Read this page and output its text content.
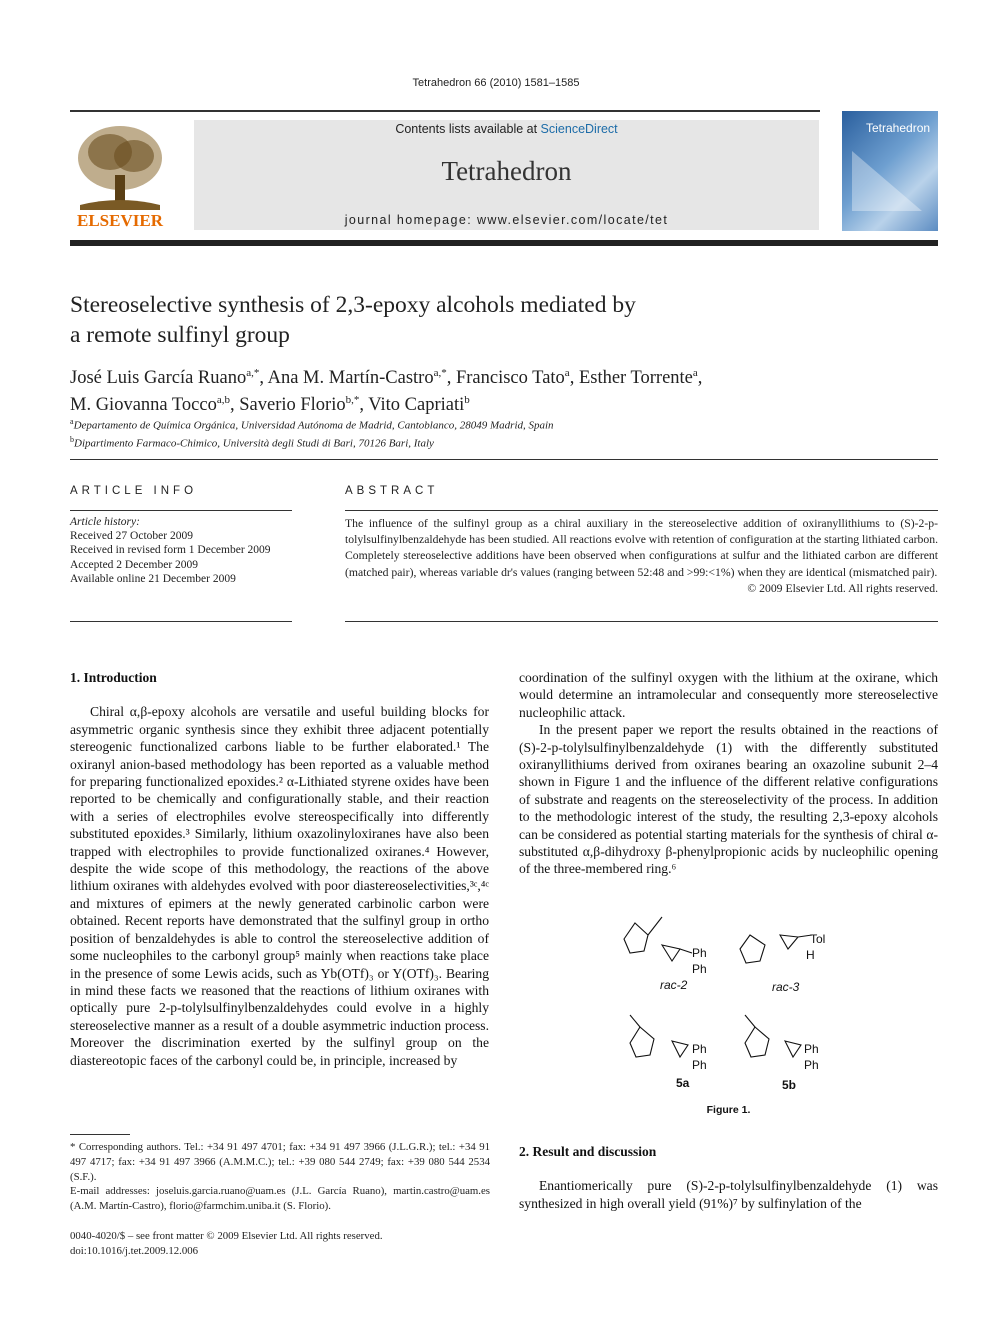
Tetrahedron 66 (2010) 1581–1585
ELSEVIER
Contents lists available at ScienceDirect
Tetrahedron
journal homepage: www.elsevier.com/locate/tet
Tetrahedron
Stereoselective synthesis of 2,3-epoxy alcohols mediated by
a remote sulfinyl group
José Luis García Ruano$^{a,*}$, Ana M. Martín-Castro$^{a,*}$, Francisco Tato$^a$, Esther Torrente$^a$,
M. Giovanna Tocco$^{a,b}$, Saverio Florio$^{b,*}$, Vito Capriati$^b$
$^a$Departamento de Química Orgánica, Universidad Autónoma de Madrid, Cantoblanco, 28049 Madrid, Spain
$^b$Dipartimento Farmaco-Chimico, Università degli Studi di Bari, 70126 Bari, Italy
ARTICLE INFO	ABSTRACT
Article history:
Received 27 October 2009
Received in revised form 1 December 2009
Accepted 2 December 2009
Available online 21 December 2009
The influence of the sulfinyl group as a chiral auxiliary in the stereoselective addition of oxiranyllithiums to (S)-2-p-tolylsulfinylbenzaldehyde has been studied. All reactions evolve with retention of configuration at the starting lithiated carbon. Completely stereoselective additions have been observed when configurations at sulfur and the lithiated carbon are different (matched pair), whereas variable dr's values (ranging between 52:48 and >99:<1%) when they are identical (mismatched pair).
© 2009 Elsevier Ltd. All rights reserved.
1. Introduction

Chiral α,β-epoxy alcohols are versatile and useful building blocks for asymmetric organic synthesis since they exhibit three adjacent potentially stereogenic functionalized carbons liable to be further elaborated.¹ The oxiranyl anion-based methodology has been reported as a valuable method for preparing functionalized epoxides.² α-Lithiated styrene oxides have been reported to be chemically and configurationally stable, and their reaction with a series of electrophiles evolve stereospecifically into differently substituted epoxides.³ Similarly, lithium oxazolinyloxiranes have also been trapped with electrophiles to provide functionalized oxiranes.⁴ However, despite the wide scope of this methodology, the reactions of the above lithium oxiranes with aldehydes evolved with poor diastereoselectivities,³ᶜ,⁴ᶜ and mixtures of epimers at the newly generated carbinolic carbon were obtained. Recent reports have demonstrated that the sulfinyl group in ortho position of benzaldehydes is able to control the stereoselective addition of some nucleophiles to the carbonyl group⁵ mainly when reactions take place in the presence of some Lewis acids, such as Yb(OTf)₃ or Y(OTf)₃. Bearing in mind these facts we reasoned that the reactions of lithium oxiranes with optically pure 2-p-tolylsulfinylbenzaldehydes could evolve in a highly stereoselective manner as a result of a double asymmetric induction process. Moreover the discrimination exerted by the sulfinyl group on the diastereotopic faces of the carbonyl could be, in principle, increased by

coordination of the sulfinyl oxygen with the lithium at the oxirane, which would determine an intramolecular and consequently more stereoselective nucleophilic attack.

In the present paper we report the results obtained in the reactions of (S)-2-p-tolylsulfinylbenzaldehyde (1) with the differently substituted oxiranyllithiums derived from oxiranes bearing an oxazoline subunit 2–4 shown in Figure 1 and the influence of the different relative configurations of substrate and reagents on the stereoselectivity of the process. In addition to the methodologic interest of the study, the resulting 2,3-epoxy alcohols can be considered as potential starting materials for the synthesis of chiral α-substituted α,β-dihydroxy β-phenylpropionic acids by nucleophilic opening of the three-membered ring.⁶

Ph
Ph
Tol
H
Ph
Ph
Ph
Ph
rac-2	rac-3
5a	5b
Figure 1.
2. Result and discussion

Enantiomerically pure (S)-2-p-tolylsulfinylbenzaldehyde (1) was synthesized in high overall yield (91%)⁷ by sulfinylation of the

* Corresponding authors. Tel.: +34 91 497 4701; fax: +34 91 497 3966 (J.L.G.R.); tel.: +34 91 497 4717; fax: +34 91 497 3966 (A.M.M.C.); tel.: +39 080 544 2749; fax: +39 080 544 2534 (S.F.).
E-mail addresses: joseluis.garcia.ruano@uam.es (J.L. García Ruano), martin.castro@uam.es (A.M. Martín-Castro), florio@farmchim.uniba.it (S. Florio).
0040-4020/$ – see front matter © 2009 Elsevier Ltd. All rights reserved.
doi:10.1016/j.tet.2009.12.006
